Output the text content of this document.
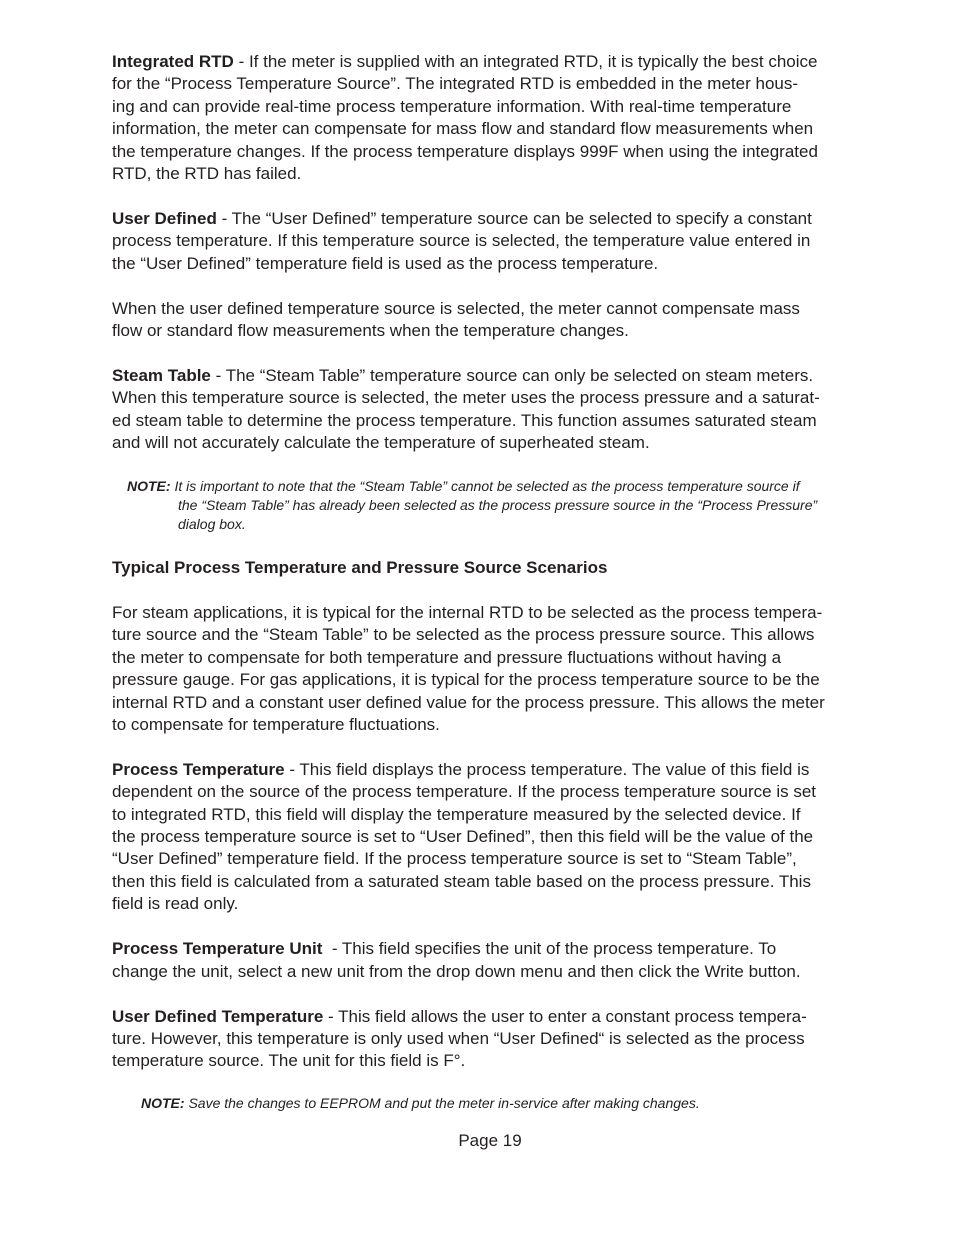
Integrated RTD - If the meter is supplied with an integrated RTD, it is typically the best choice
for the “Process Temperature Source”. The integrated RTD is embedded in the meter hous-
ing and can provide real-time process temperature information. With real-time temperature
information, the meter can compensate for mass flow and standard flow measurements when
the temperature changes. If the process temperature displays 999F when using the integrated
RTD, the RTD has failed.

User Defined - The “User Defined” temperature source can be selected to specify a constant
process temperature. If this temperature source is selected, the temperature value entered in
the “User Defined” temperature field is used as the process temperature.

When the user defined temperature source is selected, the meter cannot compensate mass
flow or standard flow measurements when the temperature changes.

Steam Table - The “Steam Table” temperature source can only be selected on steam meters.
When this temperature source is selected, the meter uses the process pressure and a saturat-
ed steam table to determine the process temperature. This function assumes saturated steam
and will not accurately calculate the temperature of superheated steam.

NOTE: It is important to note that the “Steam Table” cannot be selected as the process temperature source if
the “Steam Table” has already been selected as the process pressure source in the “Process Pressure”
dialog box.

Typical Process Temperature and Pressure Source Scenarios

For steam applications, it is typical for the internal RTD to be selected as the process tempera-
ture source and the “Steam Table” to be selected as the process pressure source. This allows
the meter to compensate for both temperature and pressure fluctuations without having a
pressure gauge. For gas applications, it is typical for the process temperature source to be the
internal RTD and a constant user defined value for the process pressure. This allows the meter
to compensate for temperature fluctuations.

Process Temperature - This field displays the process temperature. The value of this field is
dependent on the source of the process temperature. If the process temperature source is set
to integrated RTD, this field will display the temperature measured by the selected device. If
the process temperature source is set to “User Defined”, then this field will be the value of the
“User Defined” temperature field. If the process temperature source is set to “Steam Table”,
then this field is calculated from a saturated steam table based on the process pressure. This
field is read only.

Process Temperature Unit  - This field specifies the unit of the process temperature. To
change the unit, select a new unit from the drop down menu and then click the Write button.

User Defined Temperature - This field allows the user to enter a constant process tempera-
ture. However, this temperature is only used when “User Defined“ is selected as the process
temperature source. The unit for this field is F°.

NOTE: Save the changes to EEPROM and put the meter in-service after making changes.

Page 19
